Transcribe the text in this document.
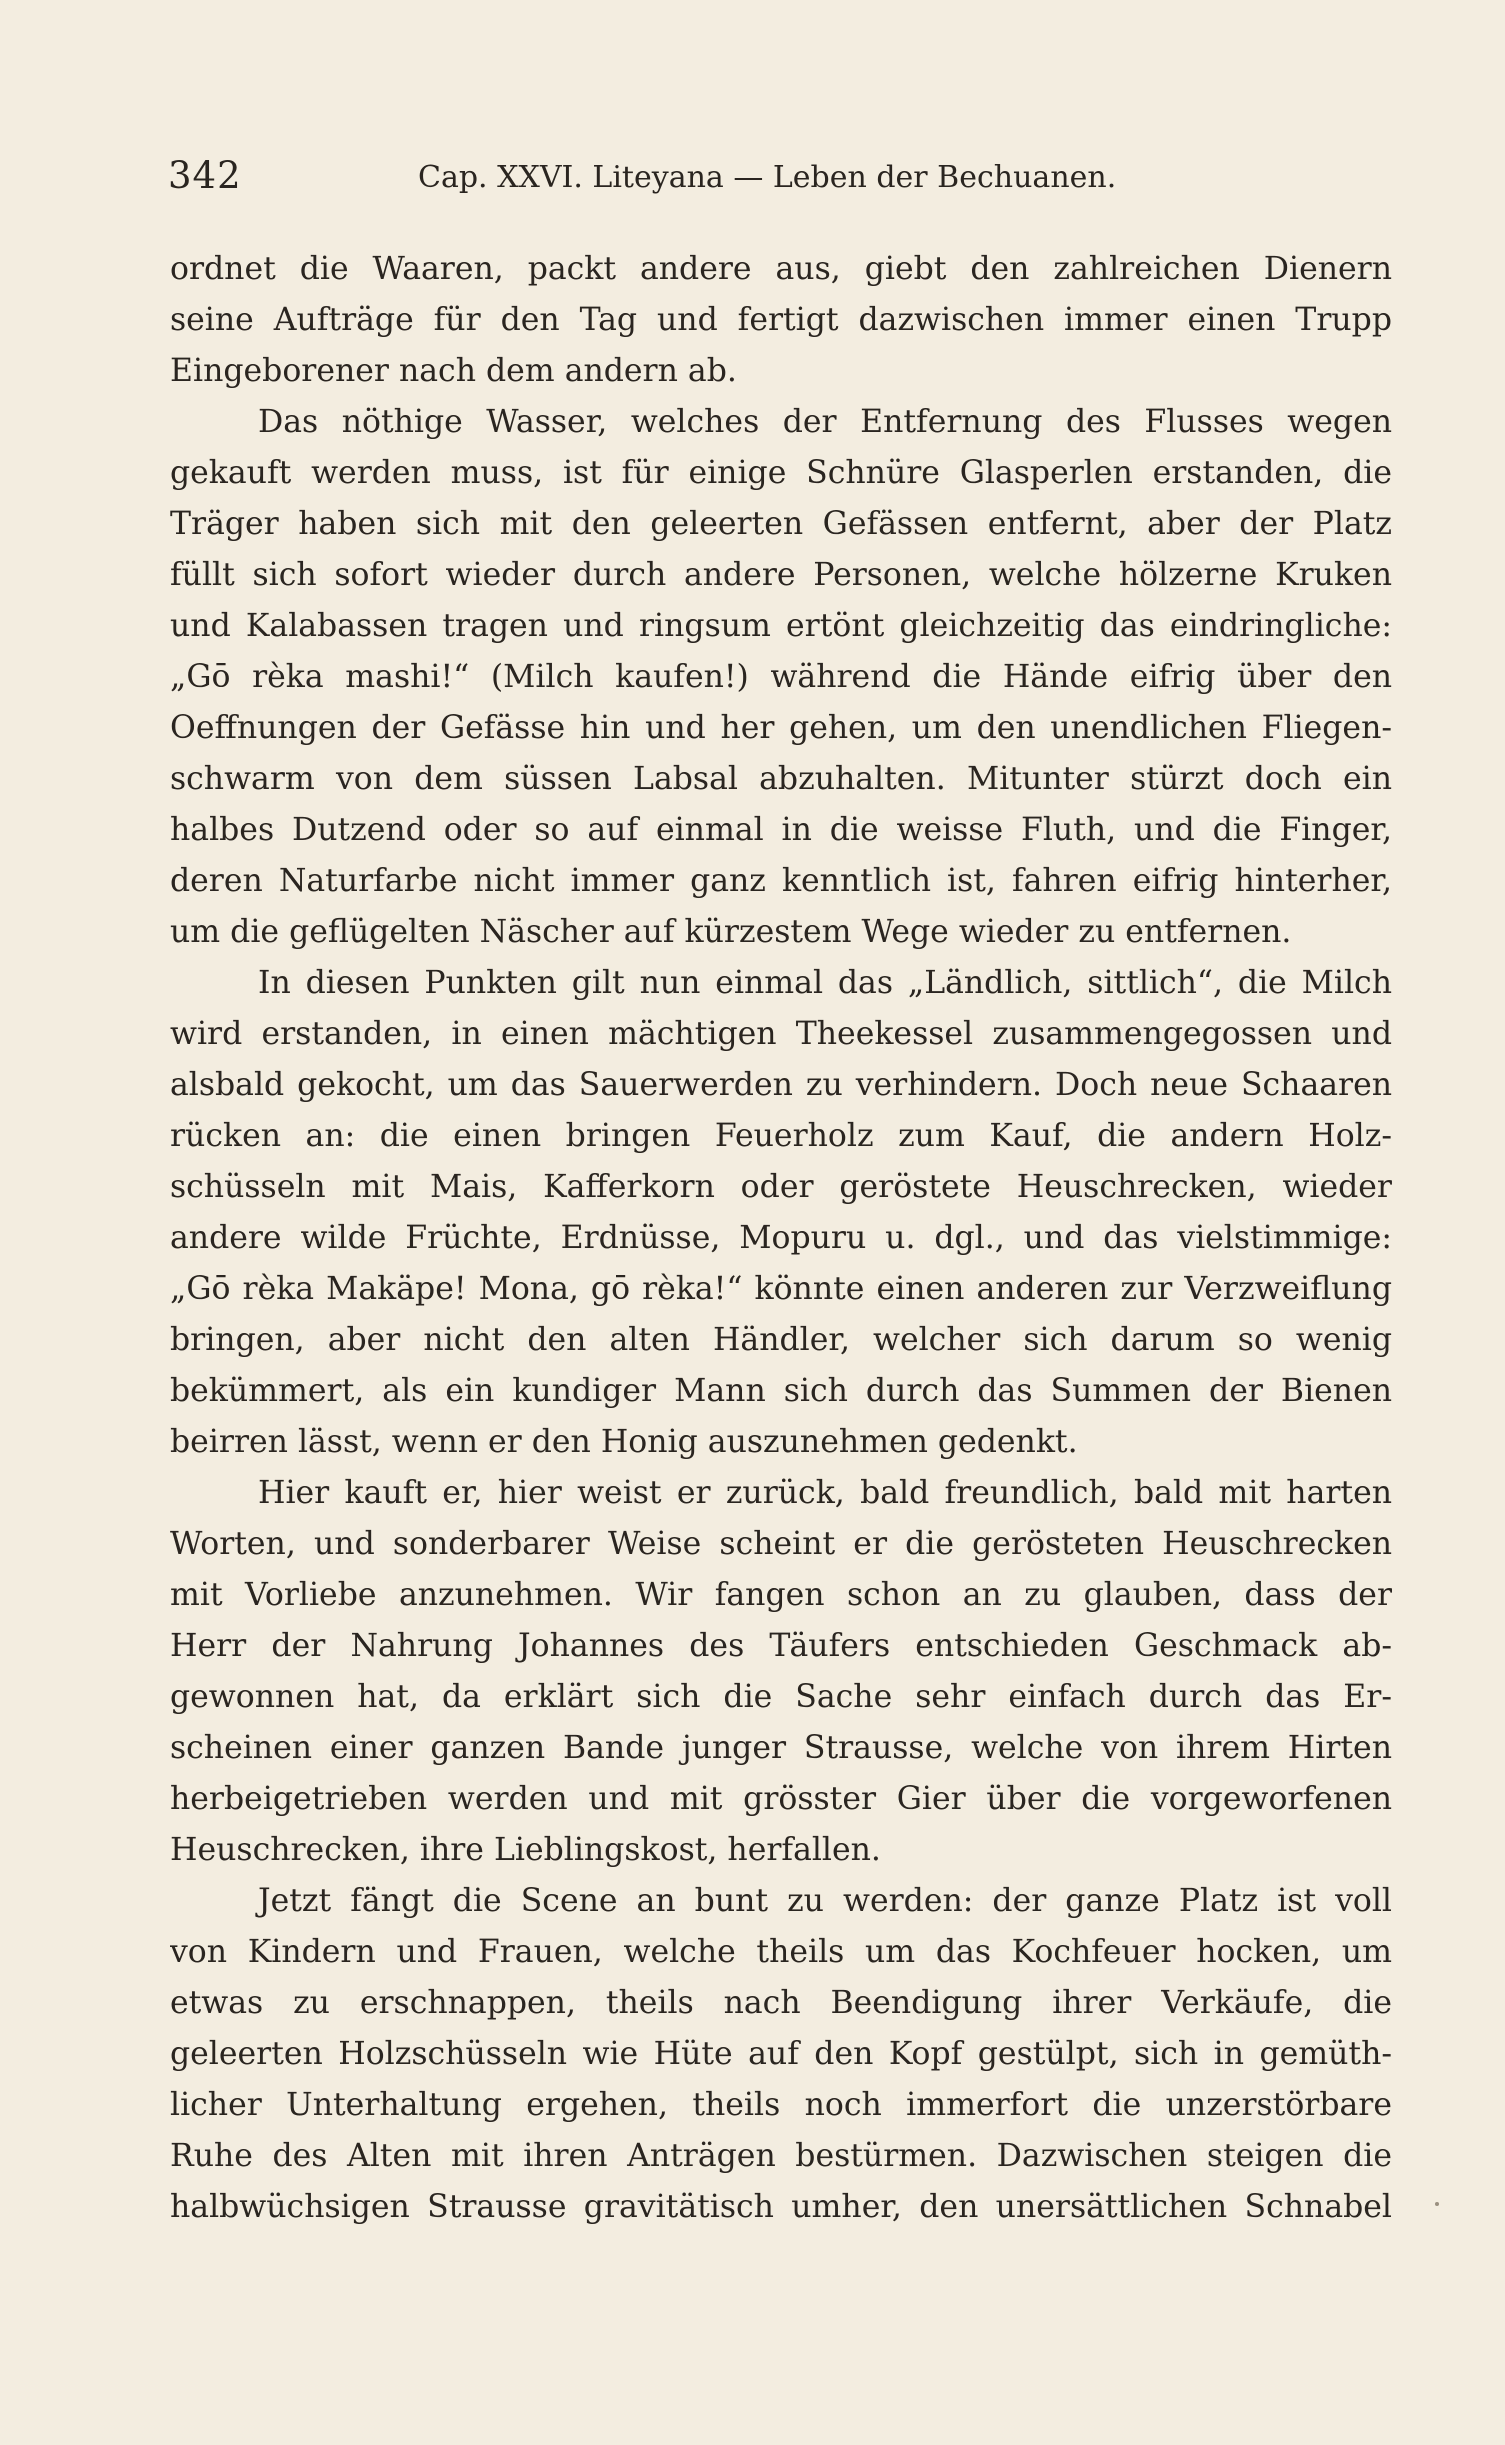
342	Cap. XXVI. Liteyana — Leben der Bechuanen.
ordnet die Waaren, packt andere aus, giebt den zahlreichen Dienern
seine Aufträge für den Tag und fertigt dazwischen immer einen Trupp
Eingeborener nach dem andern ab.
Das nöthige Wasser, welches der Entfernung des Flusses wegen
gekauft werden muss, ist für einige Schnüre Glasperlen erstanden, die
Träger haben sich mit den geleerten Gefässen entfernt, aber der Platz
füllt sich sofort wieder durch andere Personen, welche hölzerne Kruken
und Kalabassen tragen und ringsum ertönt gleichzeitig das eindringliche:
„Gō rèka mashi!“ (Milch kaufen!) während die Hände eifrig über den
Oeffnungen der Gefässe hin und her gehen, um den unendlichen Fliegen-
schwarm von dem süssen Labsal abzuhalten. Mitunter stürzt doch ein
halbes Dutzend oder so auf einmal in die weisse Fluth, und die Finger,
deren Naturfarbe nicht immer ganz kenntlich ist, fahren eifrig hinterher,
um die geflügelten Näscher auf kürzestem Wege wieder zu entfernen.
In diesen Punkten gilt nun einmal das „Ländlich, sittlich“, die Milch
wird erstanden, in einen mächtigen Theekessel zusammengegossen und
alsbald gekocht, um das Sauerwerden zu verhindern. Doch neue Schaaren
rücken an: die einen bringen Feuerholz zum Kauf, die andern Holz-
schüsseln mit Mais, Kafferkorn oder geröstete Heuschrecken, wieder
andere wilde Früchte, Erdnüsse, Mopuru u. dgl., und das vielstimmige:
„Gō rèka Makäpe! Mona, gō rèka!“ könnte einen anderen zur Verzweiflung
bringen, aber nicht den alten Händler, welcher sich darum so wenig
bekümmert, als ein kundiger Mann sich durch das Summen der Bienen
beirren lässt, wenn er den Honig auszunehmen gedenkt.
Hier kauft er, hier weist er zurück, bald freundlich, bald mit harten
Worten, und sonderbarer Weise scheint er die gerösteten Heuschrecken
mit Vorliebe anzunehmen. Wir fangen schon an zu glauben, dass der
Herr der Nahrung Johannes des Täufers entschieden Geschmack ab-
gewonnen hat, da erklärt sich die Sache sehr einfach durch das Er-
scheinen einer ganzen Bande junger Strausse, welche von ihrem Hirten
herbeigetrieben werden und mit grösster Gier über die vorgeworfenen
Heuschrecken, ihre Lieblingskost, herfallen.
Jetzt fängt die Scene an bunt zu werden: der ganze Platz ist voll
von Kindern und Frauen, welche theils um das Kochfeuer hocken, um
etwas zu erschnappen, theils nach Beendigung ihrer Verkäufe, die
geleerten Holzschüsseln wie Hüte auf den Kopf gestülpt, sich in gemüth-
licher Unterhaltung ergehen, theils noch immerfort die unzerstörbare
Ruhe des Alten mit ihren Anträgen bestürmen. Dazwischen steigen die
halbwüchsigen Strausse gravitätisch umher, den unersättlichen Schnabel
